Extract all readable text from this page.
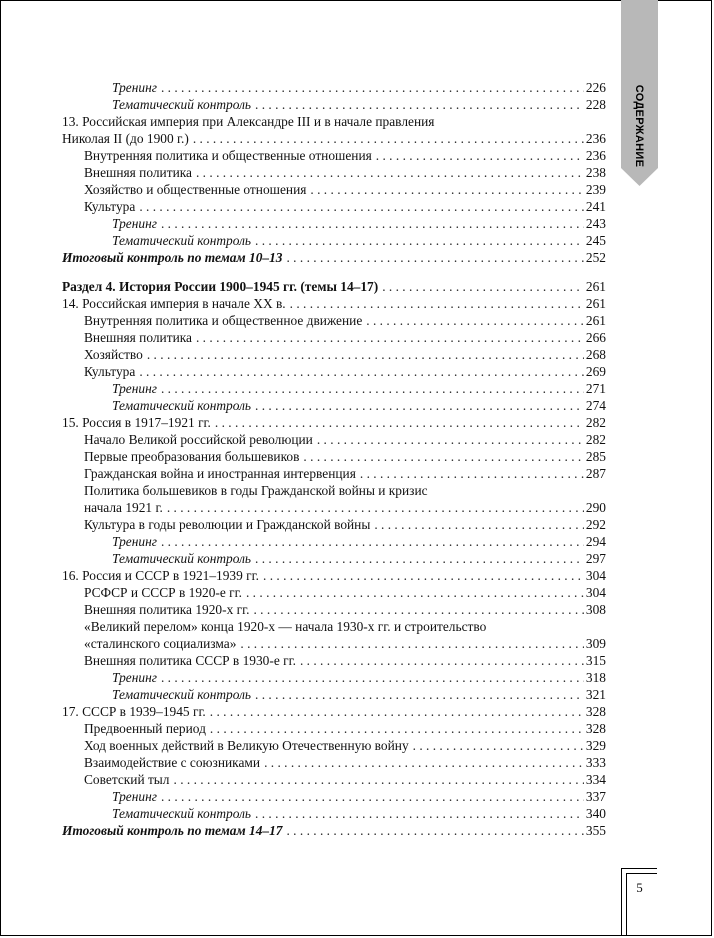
СОДЕРЖАНИЕ
Тренинг . . .	226
Тематический контроль . . .	228
13. Российская империя при Александре III и в начале правления
Николая II (до 1900 г.) . . .	236
Внутренняя политика и общественные отношения . . .	236
Внешняя политика . . .	238
Хозяйство и общественные отношения . . .	239
Культура . . .	241
Тренинг . . .	243
Тематический контроль . . .	245
Итоговый контроль по темам 10–13 . . .	252
Раздел 4. История России 1900–1945 гг. (темы 14–17) . . .	261
14. Российская империя в начале XX в. . . .	261
Внутренняя политика и общественное движение . . .	261
Внешняя политика . . .	266
Хозяйство . . .	268
Культура . . .	269
Тренинг . . .	271
Тематический контроль . . .	274
15. Россия в 1917–1921 гг. . . .	282
Начало Великой российской революции . . .	282
Первые преобразования большевиков . . .	285
Гражданская война и иностранная интервенция . . .	287
Политика большевиков в годы Гражданской войны и кризис
начала 1921 г. . . .	290
Культура в годы революции и Гражданской войны . . .	292
Тренинг . . .	294
Тематический контроль . . .	297
16. Россия и СССР в 1921–1939 гг. . . .	304
РСФСР и СССР в 1920-е гг. . . .	304
Внешняя политика 1920-х гг. . . .	308
«Великий перелом» конца 1920-х — начала 1930-х гг. и строительство
«сталинского социализма» . . .	309
Внешняя политика СССР в 1930-е гг. . . .	315
Тренинг . . .	318
Тематический контроль . . .	321
17. СССР в 1939–1945 гг. . . .	328
Предвоенный период . . .	328
Ход военных действий в Великую Отечественную войну . . .	329
Взаимодействие с союзниками . . .	333
Советский тыл . . .	334
Тренинг . . .	337
Тематический контроль . . .	340
Итоговый контроль по темам 14–17 . . .	355
5
